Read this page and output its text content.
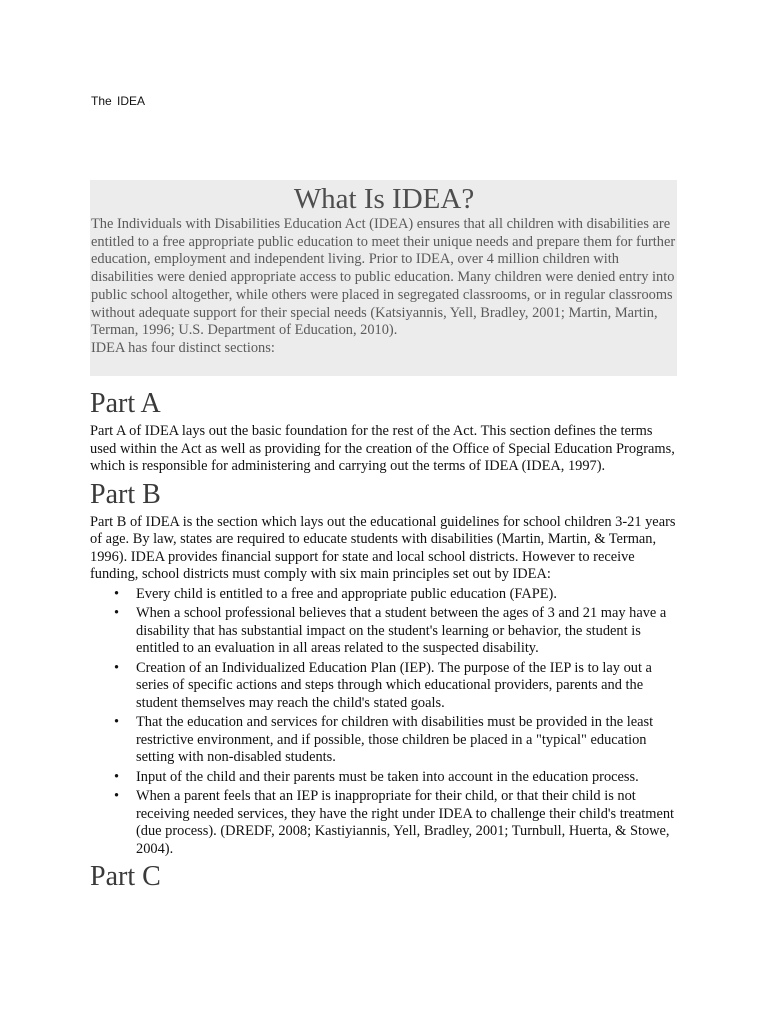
The IDEA
What Is IDEA?

The Individuals with Disabilities Education Act (IDEA) ensures that all children with disabilities are entitled to a free appropriate public education to meet their unique needs and prepare them for further education, employment and independent living. Prior to IDEA, over 4 million children with disabilities were denied appropriate access to public education. Many children were denied entry into public school altogether, while others were placed in segregated classrooms, or in regular classrooms without adequate support for their special needs (Katsiyannis, Yell, Bradley, 2001; Martin, Martin, Terman, 1996; U.S. Department of Education, 2010).

IDEA has four distinct sections:

Part A

Part A of IDEA lays out the basic foundation for the rest of the Act. This section defines the terms used within the Act as well as providing for the creation of the Office of Special Education Programs, which is responsible for administering and carrying out the terms of IDEA (IDEA, 1997).

Part B

Part B of IDEA is the section which lays out the educational guidelines for school children 3-21 years of age. By law, states are required to educate students with disabilities (Martin, Martin, & Terman, 1996). IDEA provides financial support for state and local school districts. However to receive funding, school districts must comply with six main principles set out by IDEA:

• Every child is entitled to a free and appropriate public education (FAPE).
• When a school professional believes that a student between the ages of 3 and 21 may have a disability that has substantial impact on the student's learning or behavior, the student is entitled to an evaluation in all areas related to the suspected disability.
• Creation of an Individualized Education Plan (IEP). The purpose of the IEP is to lay out a series of specific actions and steps through which educational providers, parents and the student themselves may reach the child's stated goals.
• That the education and services for children with disabilities must be provided in the least restrictive environment, and if possible, those children be placed in a "typical" education setting with non-disabled students.
• Input of the child and their parents must be taken into account in the education process.
• When a parent feels that an IEP is inappropriate for their child, or that their child is not receiving needed services, they have the right under IDEA to challenge their child's treatment (due process). (DREDF, 2008; Kastiyiannis, Yell, Bradley, 2001; Turnbull, Huerta, & Stowe, 2004).
Part C
